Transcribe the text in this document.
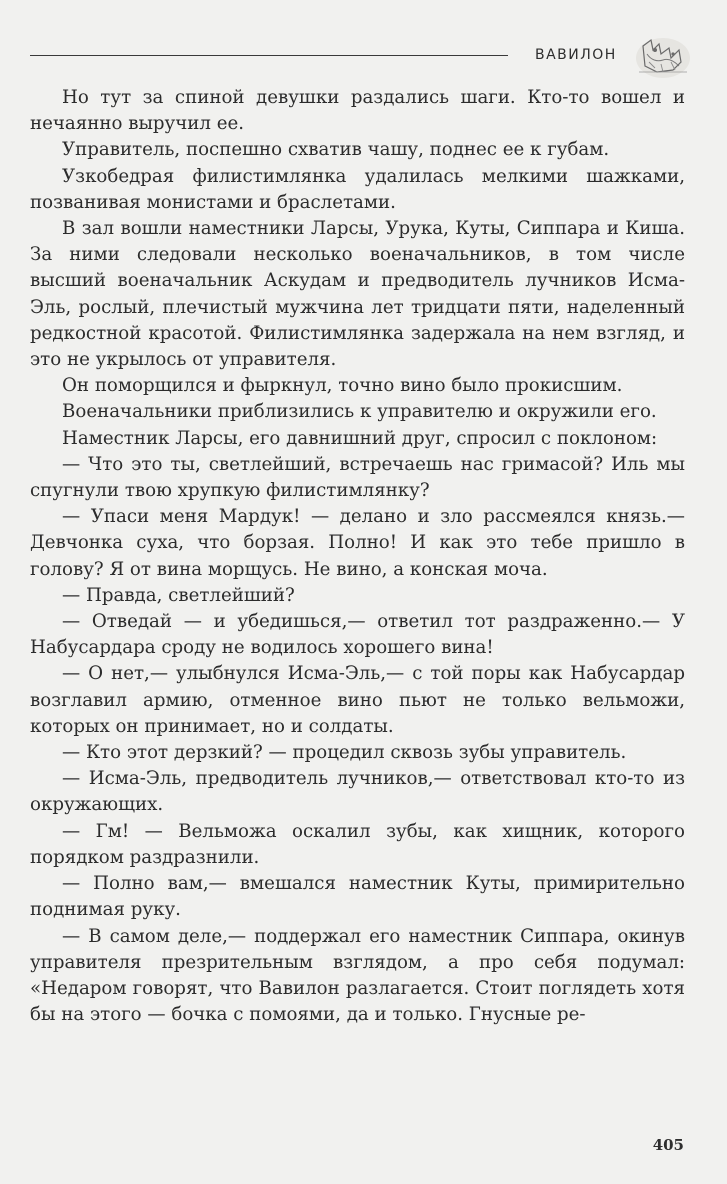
ВАВИЛОН

Но тут за спиной девушки раздались шаги. Кто-то вошел и нечаянно выручил ее.

Управитель, поспешно схватив чашу, поднес ее к губам.

Узкобедрая филистимлянка удалилась мелкими шажками, позванивая монистами и браслетами.

В зал вошли наместники Ларсы, Урука, Куты, Сиппара и Киша. За ними следовали несколько военачальников, в том числе высший военачальник Аскудам и предводитель лучников Исма-Эль, рослый, плечистый мужчина лет тридцати пяти, наделенный редкостной красотой. Филистимлянка задержала на нем взгляд, и это не укрылось от управителя.

Он поморщился и фыркнул, точно вино было прокисшим.

Военачальники приблизились к управителю и окружили его.

Наместник Ларсы, его давнишний друг, спросил с поклоном:

— Что это ты, светлейший, встречаешь нас гримасой? Иль мы спугнули твою хрупкую филистимлянку?

— Упаси меня Мардук! — делано и зло рассмеялся князь.— Девчонка суха, что борзая. Полно! И как это тебе пришло в голову? Я от вина морщусь. Не вино, а конская моча.

— Правда, светлейший?

— Отведай — и убедишься,— ответил тот раздраженно.— У Набусардара сроду не водилось хорошего вина!

— О нет,— улыбнулся Исма-Эль,— с той поры как Набусардар возглавил армию, отменное вино пьют не только вельможи, которых он принимает, но и солдаты.

— Кто этот дерзкий? — процедил сквозь зубы управитель.

— Исма-Эль, предводитель лучников,— ответствовал кто-то из окружающих.

— Гм! — Вельможа оскалил зубы, как хищник, которого порядком раздразнили.

— Полно вам,— вмешался наместник Куты, примирительно поднимая руку.

— В самом деле,— поддержал его наместник Сиппара, окинув управителя презрительным взглядом, а про себя подумал: «Недаром говорят, что Вавилон разлагается. Стоит поглядеть хотя бы на этого — бочка с помоями, да и только. Гнусные ре-

405
